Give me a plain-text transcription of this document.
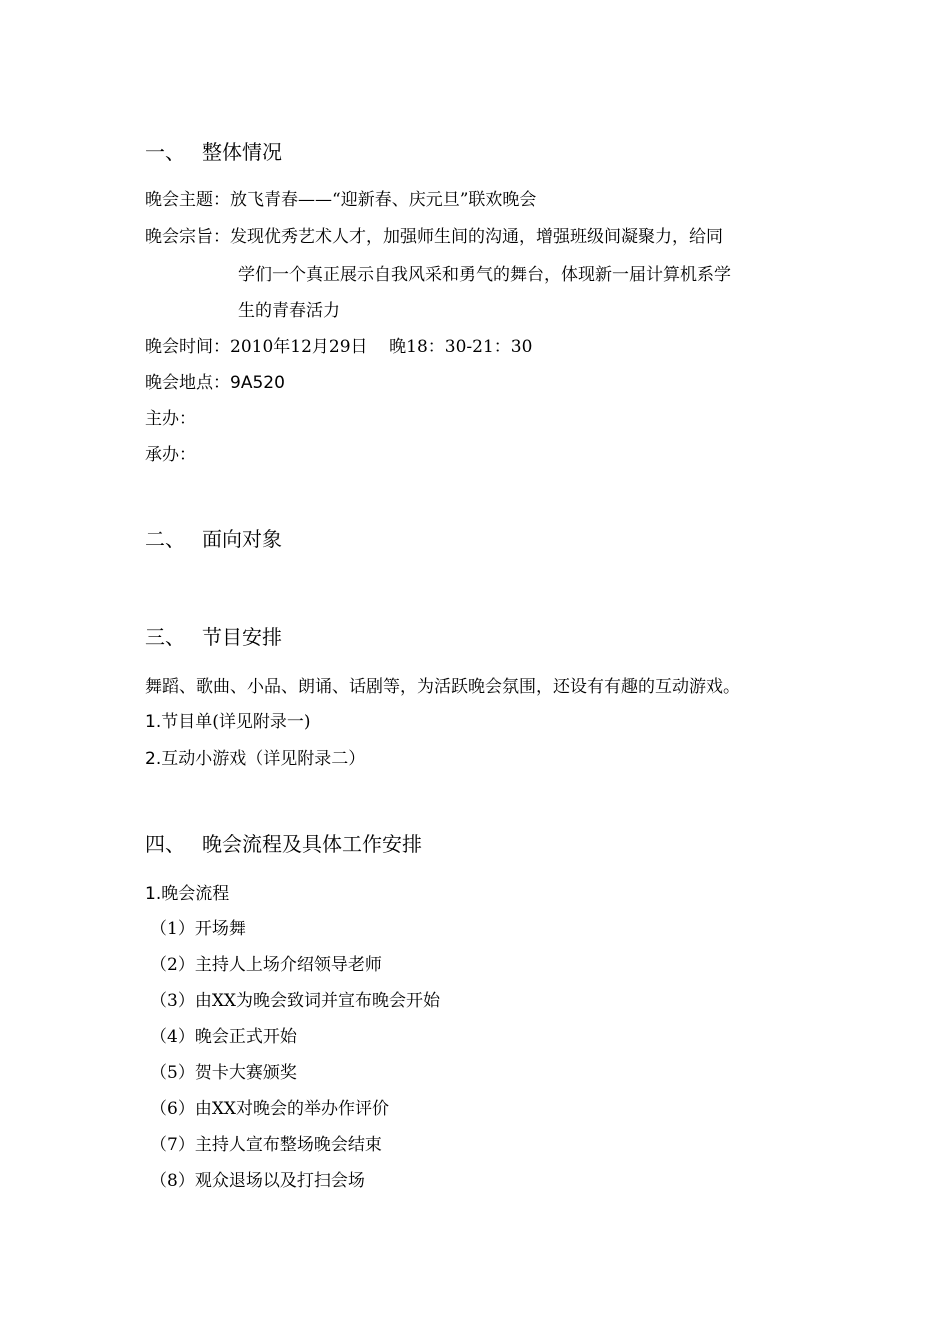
一、 整体情况
晚会主题：放飞青春——“迎新春、庆元旦”联欢晚会
晚会宗旨：发现优秀艺术人才，加强师生间的沟通，增强班级间凝聚力，给同
学们一个真正展示自我风采和勇气的舞台，体现新一届计算机系学
生的青春活力
晚会时间：2010年12月29日    晚18：30-21：30
晚会地点：9A520
主办：
承办：
二、 面向对象
三、 节目安排
舞蹈、歌曲、小品、朗诵、话剧等，为活跃晚会氛围，还设有有趣的互动游戏。
1.节目单(详见附录一)
2.互动小游戏（详见附录二）
四、 晚会流程及具体工作安排
1.晚会流程
（1）开场舞
（2）主持人上场介绍领导老师
（3）由XX为晚会致词并宣布晚会开始
（4）晚会正式开始
（5）贺卡大赛颁奖
（6）由XX对晚会的举办作评价
（7）主持人宣布整场晚会结束
（8）观众退场以及打扫会场
